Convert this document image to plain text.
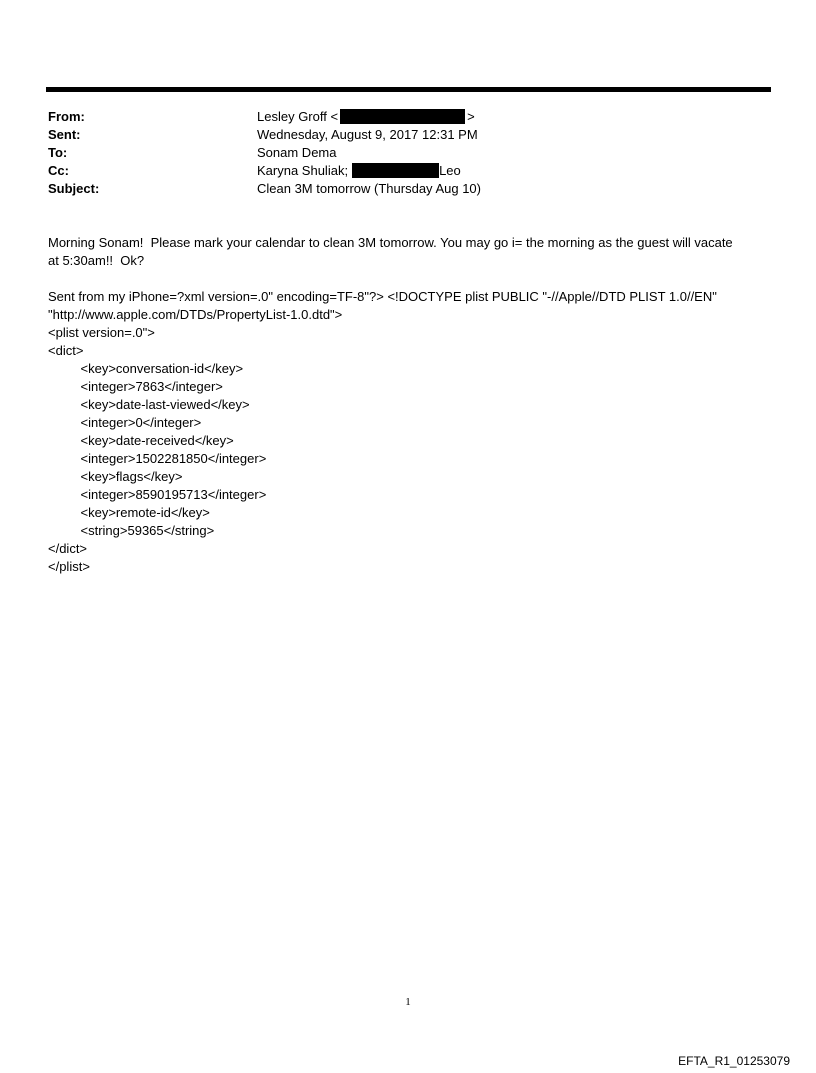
From:	Lesley Groff <	>
Sent:	Wednesday, August 9, 2017 12:31 PM
To:	Sonam Dema
Cc:	Karyna Shuliak;	Leo
Subject:	Clean 3M tomorrow (Thursday Aug 10)
Morning Sonam!  Please mark your calendar to clean 3M tomorrow. You may go i= the morning as the guest will vacate
at 5:30am!!  Ok?

Sent from my iPhone=?xml version=.0" encoding=TF-8"?> <!DOCTYPE plist PUBLIC "-//Apple//DTD PLIST 1.0//EN"
"http://www.apple.com/DTDs/PropertyList-1.0.dtd">
<plist version=.0">
<dict>
<key>conversation-id</key>
<integer>7863</integer>
<key>date-last-viewed</key>
<integer>0</integer>
<key>date-received</key>
<integer>1502281850</integer>
<key>flags</key>
<integer>8590195713</integer>
<key>remote-id</key>
<string>59365</string>
</dict>
</plist>
1
EFTA_R1_01253079
